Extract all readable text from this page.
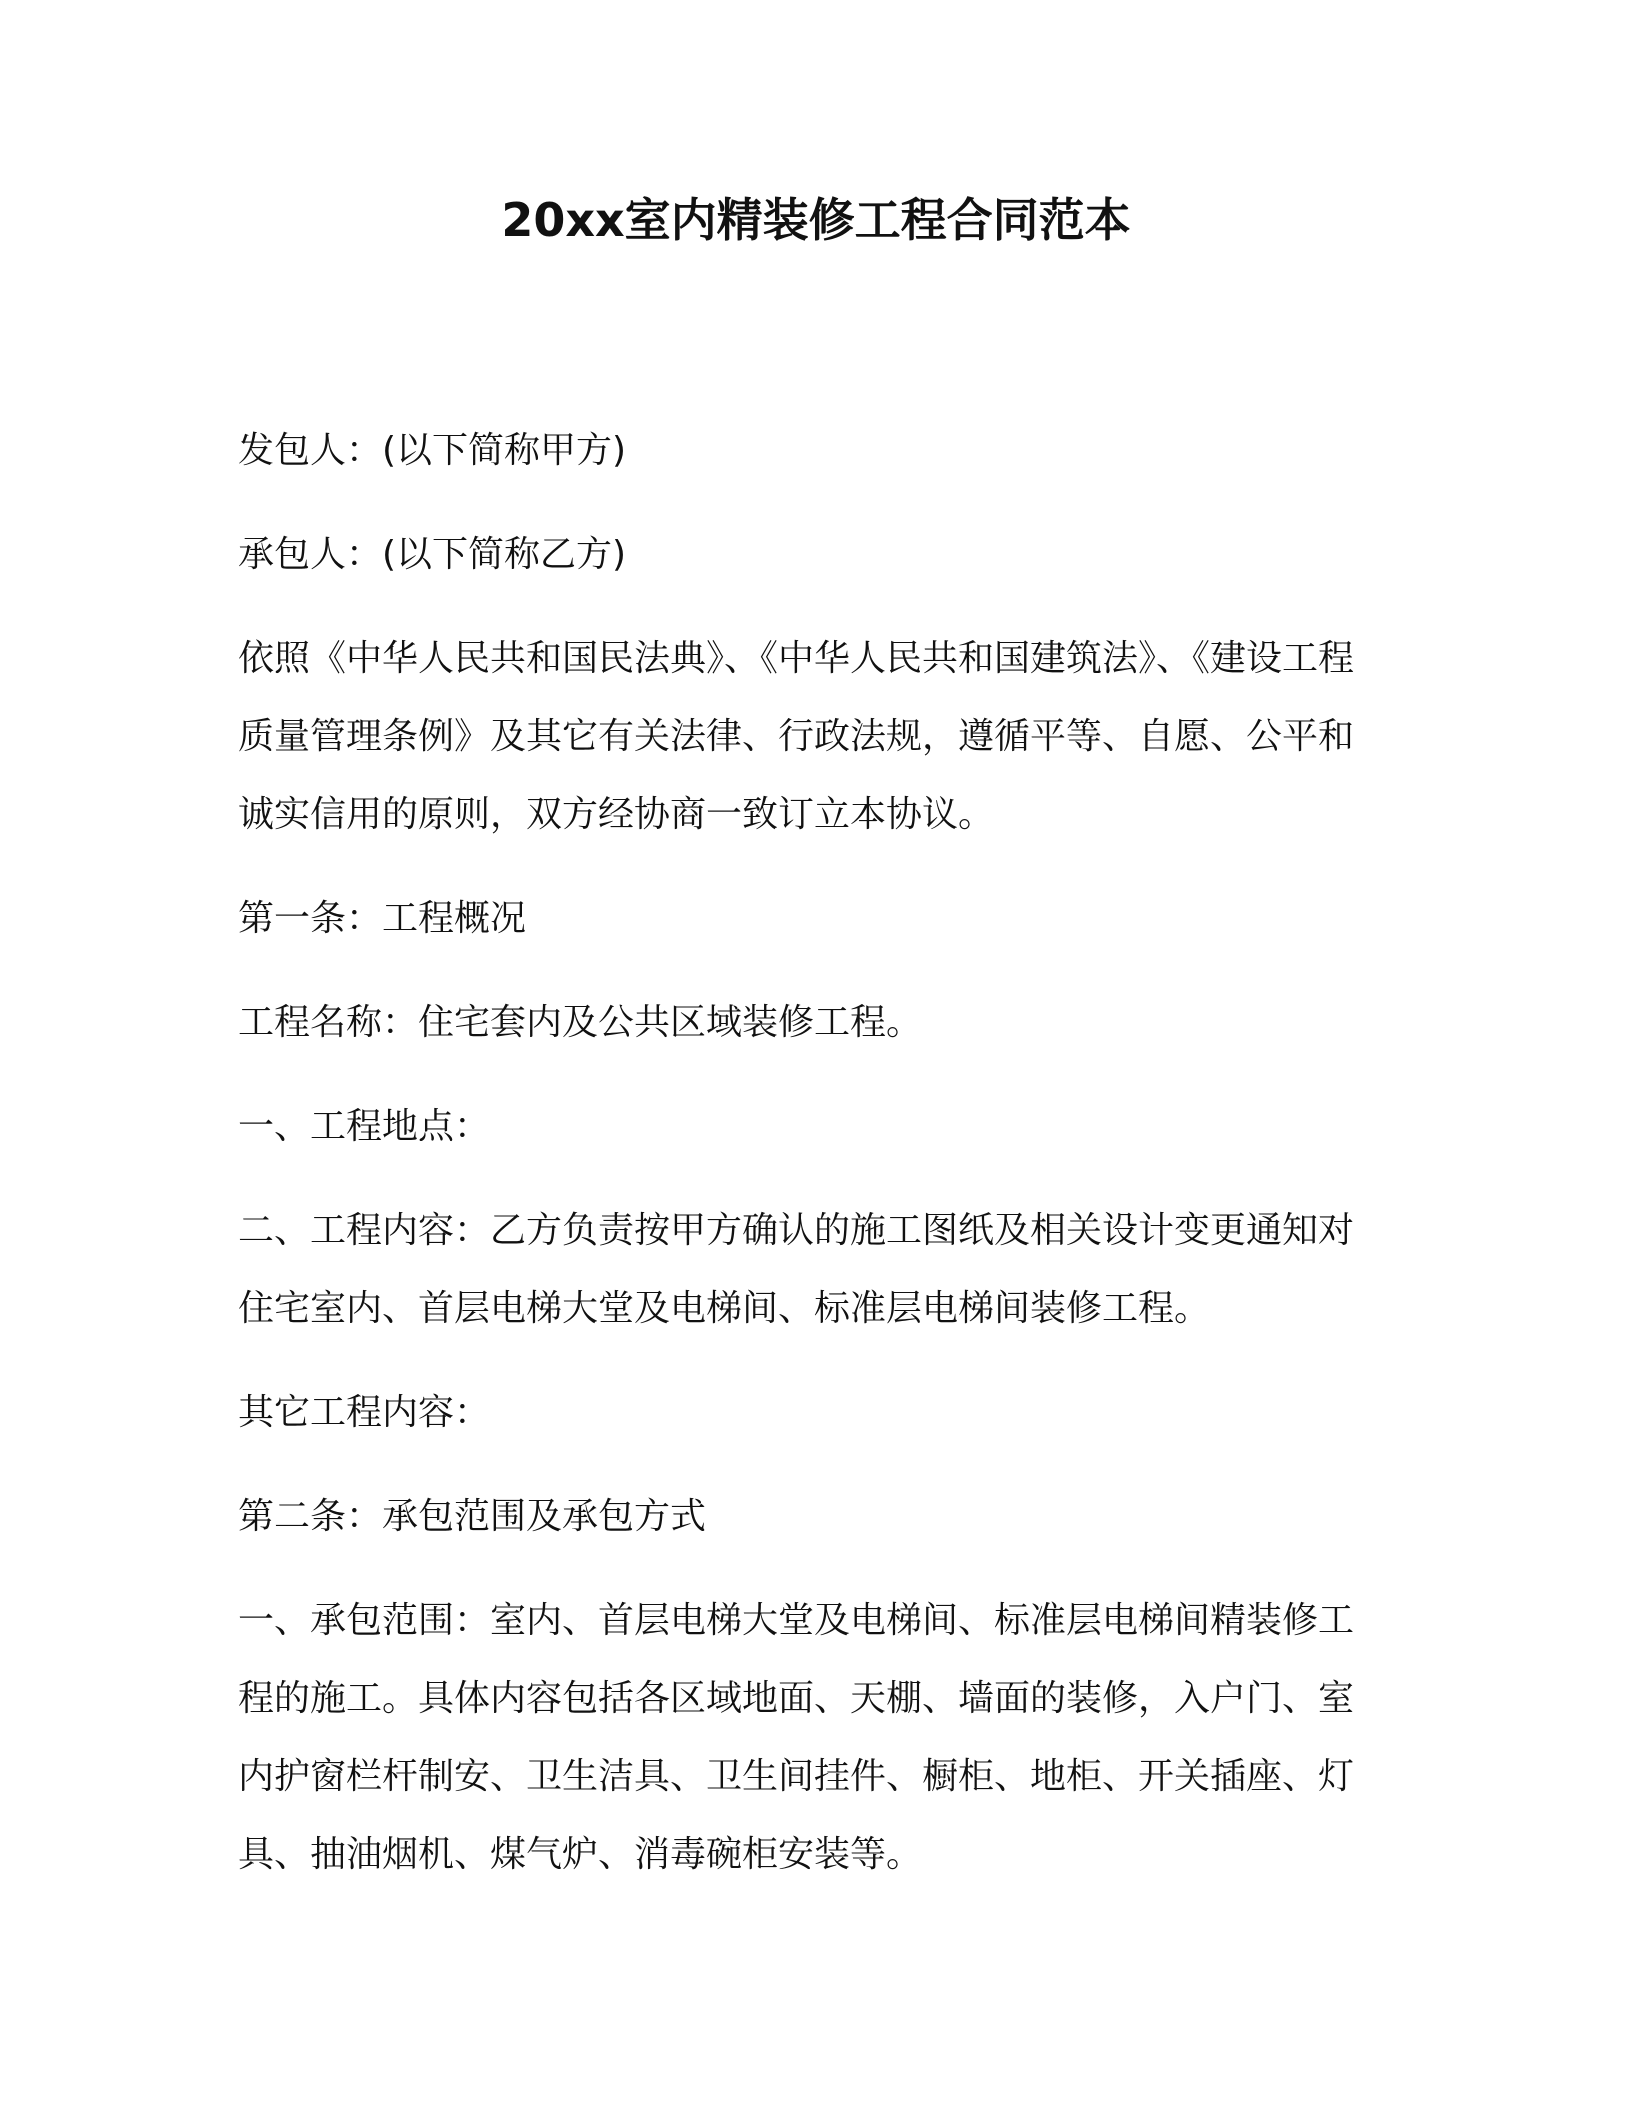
20xx室内精装修工程合同范本

发包人：(以下简称甲方)

承包人：(以下简称乙方)

依照《中华人民共和国民法典》、《中华人民共和国建筑法》、《建设工程质量管理条例》及其它有关法律、行政法规，遵循平等、自愿、公平和诚实信用的原则，双方经协商一致订立本协议。

第一条：工程概况

工程名称：住宅套内及公共区域装修工程。

一、工程地点：

二、工程内容：乙方负责按甲方确认的施工图纸及相关设计变更通知对住宅室内、首层电梯大堂及电梯间、标准层电梯间装修工程。

其它工程内容：

第二条：承包范围及承包方式

一、承包范围：室内、首层电梯大堂及电梯间、标准层电梯间精装修工程的施工。具体内容包括各区域地面、天棚、墙面的装修，入户门、室内护窗栏杆制安、卫生洁具、卫生间挂件、橱柜、地柜、开关插座、灯具、抽油烟机、煤气炉、消毒碗柜安装等。
